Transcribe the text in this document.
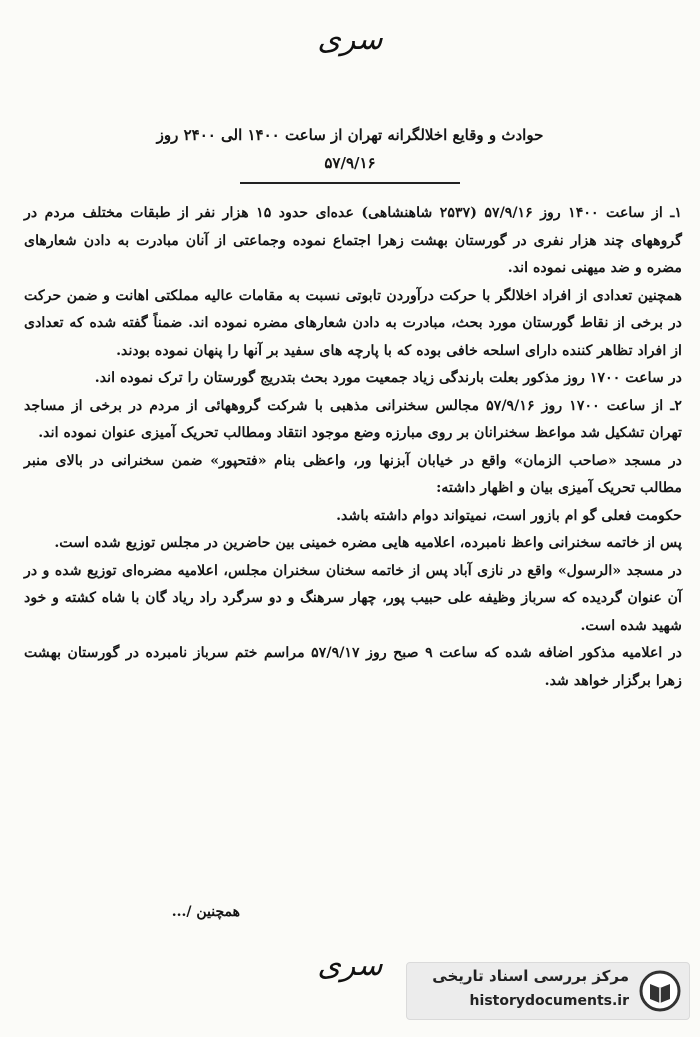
سری
حوادث و وقایع اخلالگرانه تهران از ساعت ۱۴۰۰ الی ۲۴۰۰ روز
۵۷/۹/۱۶

۱ـ از ساعت ۱۴۰۰ روز ۵۷/۹/۱۶ (۲۵۳۷ شاهنشاهی) عده‌ای حدود ۱۵ هزار نفر از طبقات مختلف مردم در گروههای چند هزار نفری در گورستان بهشت زهرا اجتماع نموده وجماعتی از آنان مبادرت به دادن شعارهای مضره و ضد میهنی نموده اند.

همچنین تعدادی از افراد اخلالگر با حرکت درآوردن تابوتی نسبت به مقامات عالیه مملکتی اهانت و ضمن حرکت در برخی از نقاط گورستان مورد بحث، مبادرت به دادن شعارهای مضره نموده اند. ضمناً گفته شده که تعدادی از افراد تظاهر کننده دارای اسلحه خافی بوده که با پارچه های سفید بر آنها را پنهان نموده بودند.

در ساعت ۱۷۰۰ روز مذکور بعلت بارندگی زیاد جمعیت مورد بحث بتدریج گورستان را ترک نموده اند.

۲ـ از ساعت ۱۷۰۰ روز ۵۷/۹/۱۶ مجالس سخنرانی مذهبی با شرکت گروههائی از مردم در برخی از مساجد تهران تشکیل شد مواعظ سخنرانان بر روی مبارزه وضع موجود انتقاد ومطالب تحریک آمیزی عنوان نموده اند.

در مسجد «صاحب الزمان» واقع در خیابان آبزنها ور، واعظی بنام «فتحپور» ضمن سخنرانی در بالای منبر مطالب تحریک آمیزی بیان و اظهار داشته:

حکومت فعلی گو ام بازور است، نمیتواند دوام داشته باشد.

پس از خاتمه سخنرانی واعظ نامبرده، اعلامیه هایی مضره خمینی بین حاضرین در مجلس توزیع شده است.

در مسجد «الرسول» واقع در نازی آباد پس از خاتمه سخنان سخنران مجلس، اعلامیه مضره‌ای توزیع شده و در آن عنوان گردیده که سرباز وظیفه علی حبیب پور، چهار سرهنگ و دو سرگرد راد ریاد گان با شاه کشته و خود شهید شده است.

در اعلامیه مذکور اضافه شده که ساعت ۹ صبح روز ۵۷/۹/۱۷ مراسم ختم سرباز نامبرده در گورستان بهشت زهرا برگزار خواهد شد.

همچنین /...
سری	مرکز بررسی اسناد تاریخی
historydocuments.ir
